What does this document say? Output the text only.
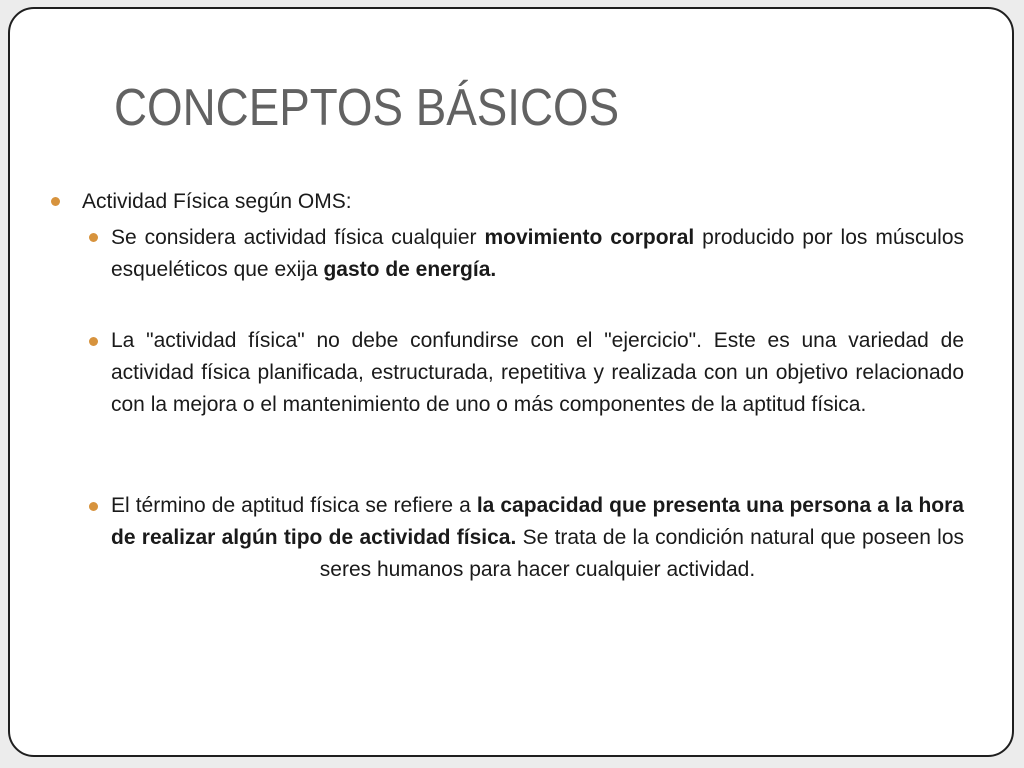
CONCEPTOS BÁSICOS
Actividad Física según OMS:

Se considera actividad física cualquier movimiento corporal producido por los músculos esqueléticos que exija gasto de energía.

La "actividad física" no debe confundirse con el "ejercicio". Este es una variedad de actividad física planificada, estructurada, repetitiva y realizada con un objetivo relacionado con la mejora o el mantenimiento de uno o más componentes de la aptitud física.

El término de aptitud física se refiere a la capacidad que presenta una persona a la hora de realizar algún tipo de actividad física. Se trata de la condición natural que poseen los seres humanos para hacer cualquier actividad.
